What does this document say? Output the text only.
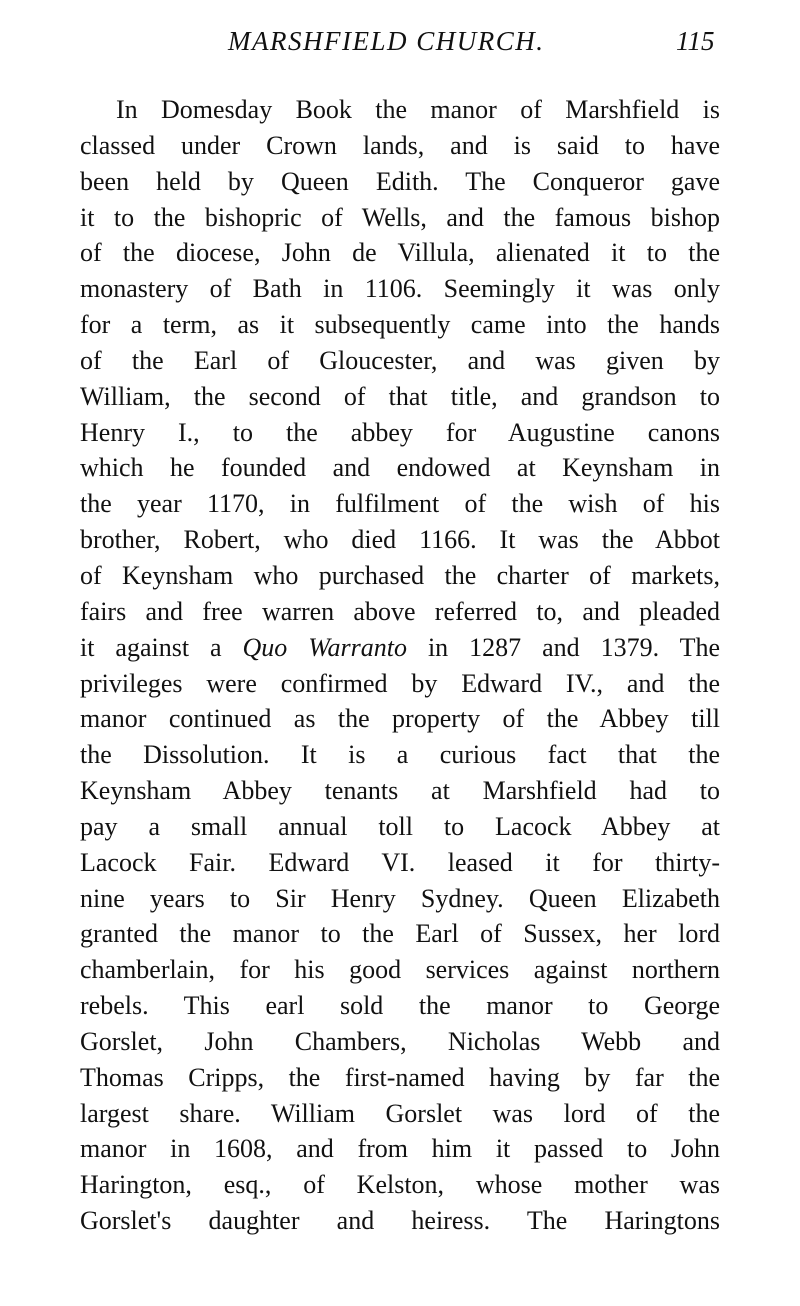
MARSHFIELD CHURCH.	115
In Domesday Book the manor of Marshfield is
classed under Crown lands, and is said to have
been held by Queen Edith. The Conqueror gave
it to the bishopric of Wells, and the famous bishop
of the diocese, John de Villula, alienated it to the
monastery of Bath in 1106. Seemingly it was only
for a term, as it subsequently came into the hands
of the Earl of Gloucester, and was given by
William, the second of that title, and grandson to
Henry I., to the abbey for Augustine canons
which he founded and endowed at Keynsham in
the year 1170, in fulfilment of the wish of his
brother, Robert, who died 1166. It was the Abbot
of Keynsham who purchased the charter of markets,
fairs and free warren above referred to, and pleaded
it against a Quo Warranto in 1287 and 1379. The
privileges were confirmed by Edward IV., and the
manor continued as the property of the Abbey till
the Dissolution. It is a curious fact that the
Keynsham Abbey tenants at Marshfield had to
pay a small annual toll to Lacock Abbey at
Lacock Fair. Edward VI. leased it for thirty-
nine years to Sir Henry Sydney. Queen Elizabeth
granted the manor to the Earl of Sussex, her lord
chamberlain, for his good services against northern
rebels. This earl sold the manor to George
Gorslet, John Chambers, Nicholas Webb and
Thomas Cripps, the first-named having by far the
largest share. William Gorslet was lord of the
manor in 1608, and from him it passed to John
Harington, esq., of Kelston, whose mother was
Gorslet's daughter and heiress. The Haringtons
